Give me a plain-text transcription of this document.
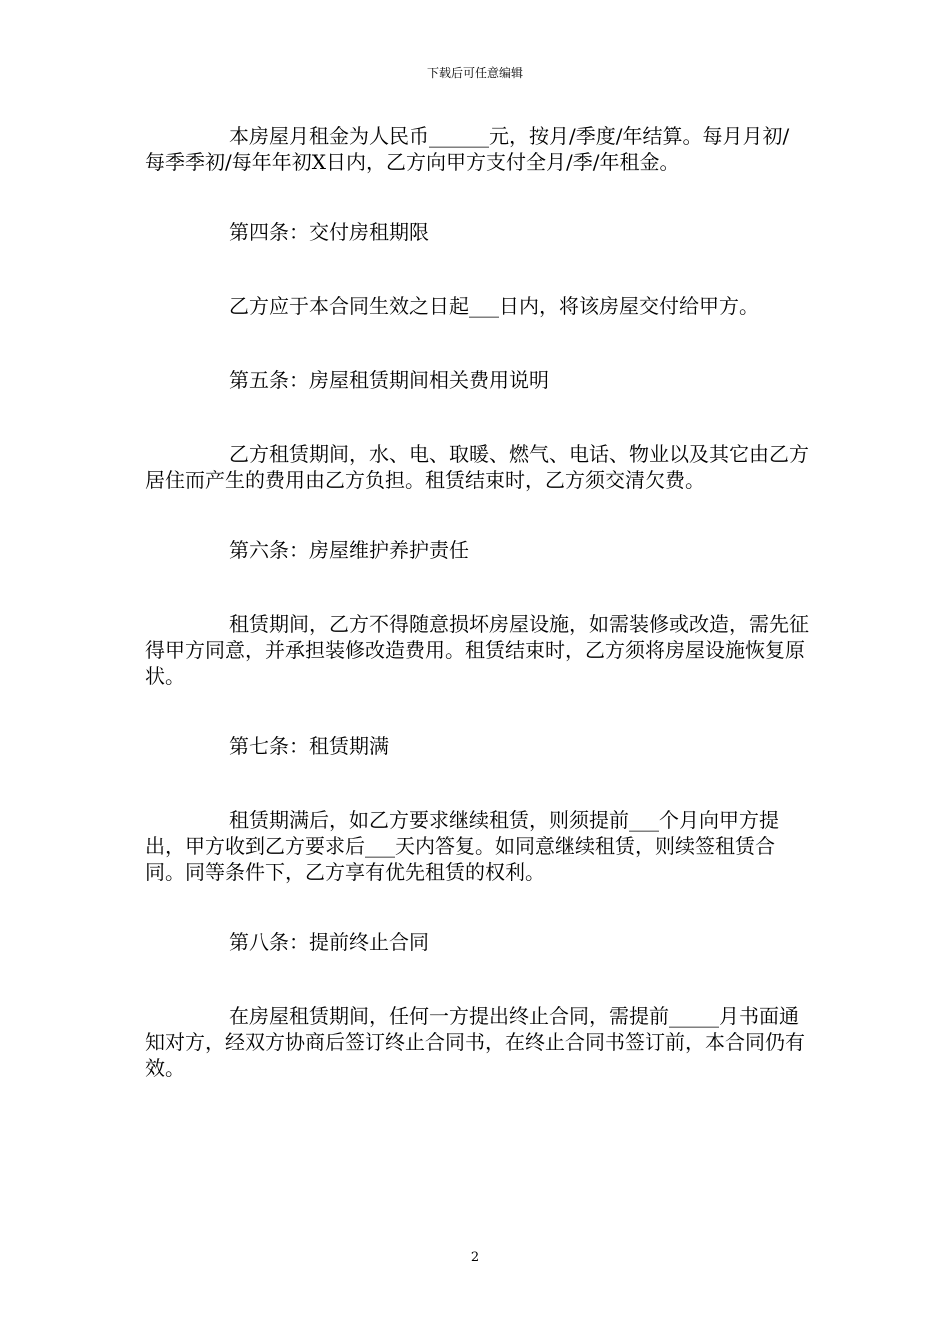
下载后可任意编辑

本房屋月租金为人民币______元，按月/季度/年结算。每月月初/每季季初/每年年初X日内，乙方向甲方支付全月/季/年租金。

第四条：交付房租期限

乙方应于本合同生效之日起___日内，将该房屋交付给甲方。

第五条：房屋租赁期间相关费用说明

乙方租赁期间，水、电、取暖、燃气、电话、物业以及其它由乙方居住而产生的费用由乙方负担。租赁结束时，乙方须交清欠费。

第六条：房屋维护养护责任

租赁期间，乙方不得随意损坏房屋设施，如需装修或改造，需先征得甲方同意，并承担装修改造费用。租赁结束时，乙方须将房屋设施恢复原状。

第七条：租赁期满

租赁期满后，如乙方要求继续租赁，则须提前___个月向甲方提出，甲方收到乙方要求后___天内答复。如同意继续租赁，则续签租赁合同。同等条件下，乙方享有优先租赁的权利。

第八条：提前终止合同

在房屋租赁期间，任何一方提出终止合同，需提前_____月书面通知对方，经双方协商后签订终止合同书，在终止合同书签订前，本合同仍有效。

2
